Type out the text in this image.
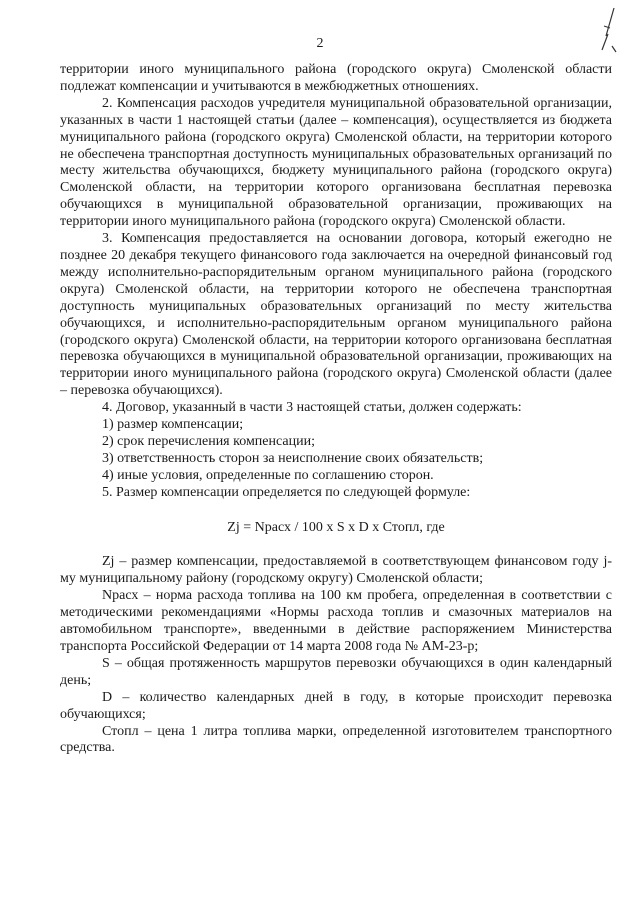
2

территории иного муниципального района (городского округа) Смоленской области подлежат компенсации и учитываются в межбюджетных отношениях.

2. Компенсация расходов учредителя муниципальной образовательной организации, указанных в части 1 настоящей статьи (далее – компенсация), осуществляется из бюджета муниципального района (городского округа) Смоленской области, на территории которого не обеспечена транспортная доступность муниципальных образовательных организаций по месту жительства обучающихся, бюджету муниципального района (городского округа) Смоленской области, на территории которого организована бесплатная перевозка обучающихся в муниципальной образовательной организации, проживающих на территории иного муниципального района (городского округа) Смоленской области.

3. Компенсация предоставляется на основании договора, который ежегодно не позднее 20 декабря текущего финансового года заключается на очередной финансовый год между исполнительно-распорядительным органом муниципального района (городского округа) Смоленской области, на территории которого не обеспечена транспортная доступность муниципальных образовательных организаций по месту жительства обучающихся, и исполнительно-распорядительным органом муниципального района (городского округа) Смоленской области, на территории которого организована бесплатная перевозка обучающихся в муниципальной образовательной организации, проживающих на территории иного муниципального района (городского округа) Смоленской области (далее – перевозка обучающихся).

4. Договор, указанный в части 3 настоящей статьи, должен содержать:

1) размер компенсации;

2) срок перечисления компенсации;

3) ответственность сторон за неисполнение своих обязательств;

4) иные условия, определенные по соглашению сторон.

5. Размер компенсации определяется по следующей формуле:

Zj = Nрасх / 100 x S x D x Стопл, где

Zj – размер компенсации, предоставляемой в соответствующем финансовом году j-му муниципальному району (городскому округу) Смоленской области;

Nрасх – норма расхода топлива на 100 км пробега, определенная в соответствии с методическими рекомендациями «Нормы расхода топлив и смазочных материалов на автомобильном транспорте», введенными в действие распоряжением Министерства транспорта Российской Федерации от 14 марта 2008 года № АМ-23-р;

S – общая протяженность маршрутов перевозки обучающихся в один календарный день;

D – количество календарных дней в году, в которые происходит перевозка обучающихся;

Стопл – цена 1 литра топлива марки, определенной изготовителем транспортного средства.
